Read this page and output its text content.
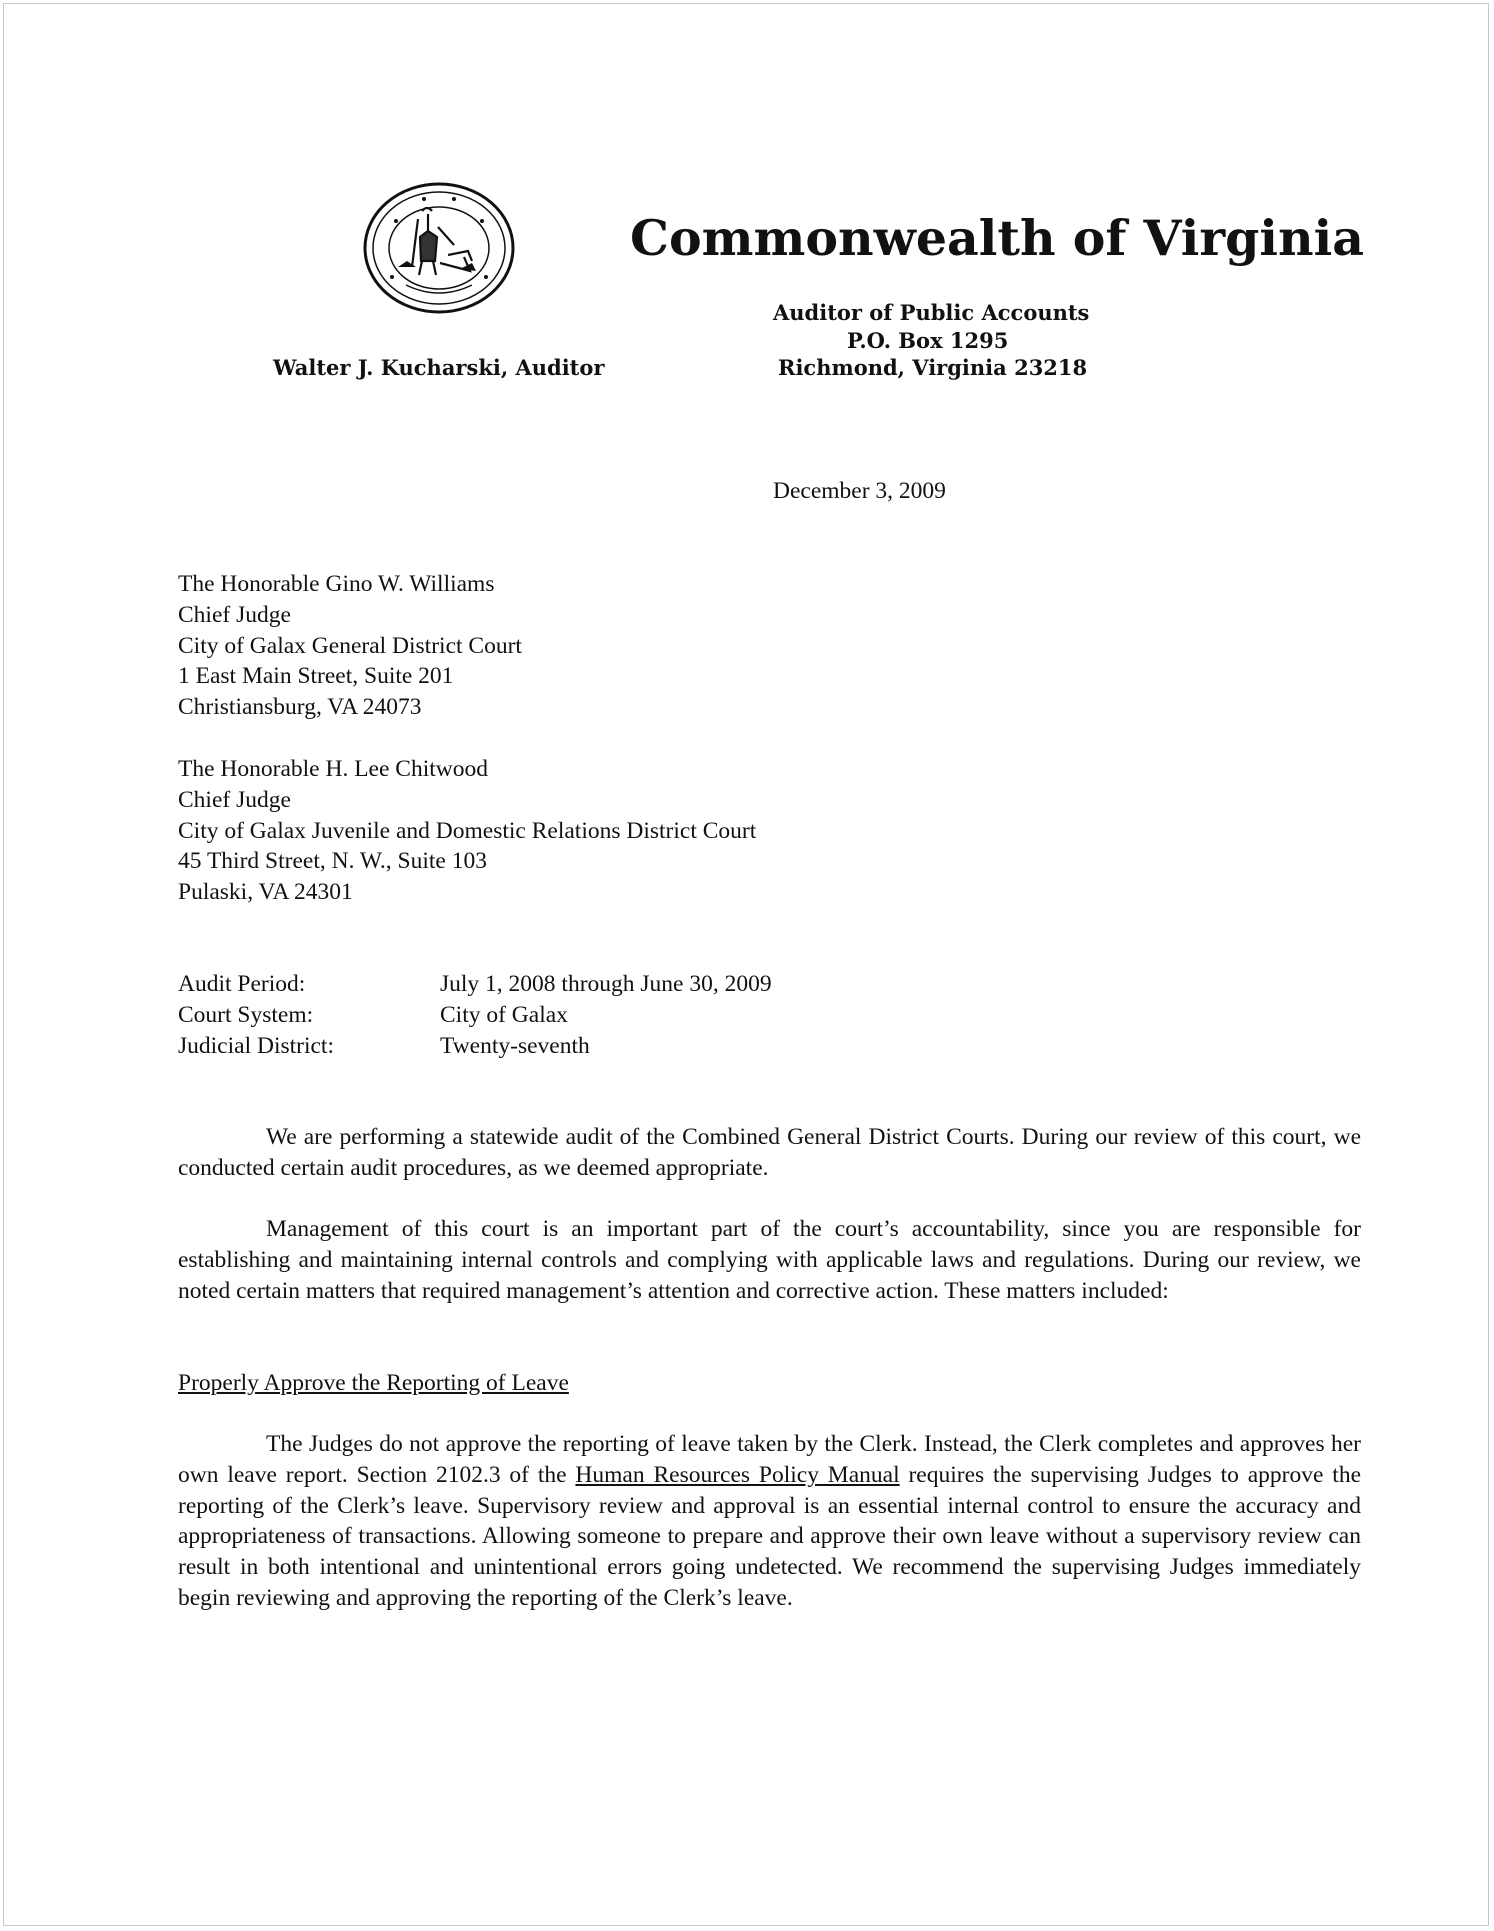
Commonwealth of Virginia
Auditor of Public Accounts
P.O. Box 1295
Richmond, Virginia 23218
Walter J. Kucharski, Auditor
December 3, 2009
The Honorable Gino W. Williams
Chief Judge
City of Galax General District Court
1 East Main Street, Suite 201
Christiansburg, VA 24073
The Honorable H. Lee Chitwood
Chief Judge
City of Galax Juvenile and Domestic Relations District Court
45 Third Street, N. W., Suite 103
Pulaski, VA 24301
Audit Period:	July 1, 2008 through June 30, 2009
Court System:	City of Galax
Judicial District:	Twenty-seventh
We are performing a statewide audit of the Combined General District Courts. During our review of this court, we conducted certain audit procedures, as we deemed appropriate.
Management of this court is an important part of the court’s accountability, since you are responsible for establishing and maintaining internal controls and complying with applicable laws and regulations. During our review, we noted certain matters that required management’s attention and corrective action. These matters included:
Properly Approve the Reporting of Leave
The Judges do not approve the reporting of leave taken by the Clerk. Instead, the Clerk completes and approves her own leave report. Section 2102.3 of the Human Resources Policy Manual requires the supervising Judges to approve the reporting of the Clerk’s leave. Supervisory review and approval is an essential internal control to ensure the accuracy and appropriateness of transactions. Allowing someone to prepare and approve their own leave without a supervisory review can result in both intentional and unintentional errors going undetected. We recommend the supervising Judges immediately begin reviewing and approving the reporting of the Clerk’s leave.
